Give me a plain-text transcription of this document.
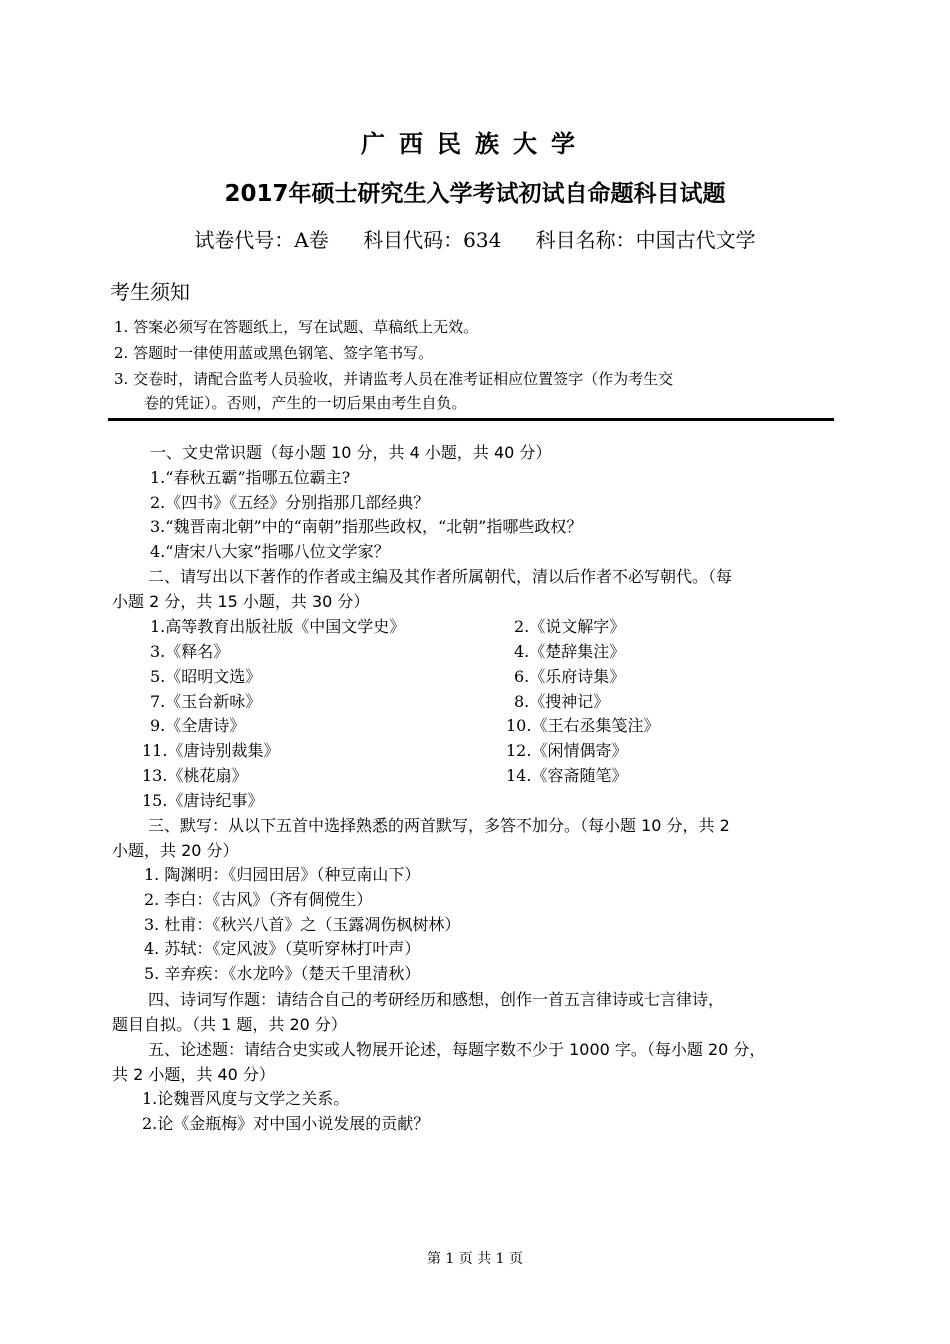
广西民族大学
2017年硕士研究生入学考试初试自命题科目试题
试卷代号：A卷 科目代码：634 科目名称：中国古代文学
考生须知
1. 答案必须写在答题纸上，写在试题、草稿纸上无效。
2. 答题时一律使用蓝或黑色钢笔、签字笔书写。
3. 交卷时，请配合监考人员验收，并请监考人员在准考证相应位置签字（作为考生交
卷的凭证）。否则，产生的一切后果由考生自负。
一、文史常识题（每小题 10 分，共 4 小题，共 40 分）
1.“春秋五霸”指哪五位霸主?
2.《四书》《五经》分别指那几部经典？
3.“魏晋南北朝”中的“南朝”指那些政权，“北朝”指哪些政权？
4.“唐宋八大家”指哪八位文学家？
二、请写出以下著作的作者或主编及其作者所属朝代，清以后作者不必写朝代。（每
小题 2 分，共 15 小题，共 30 分）
1.高等教育出版社版《中国文学史》
3.《释名》
5.《昭明文选》
7.《玉台新咏》
9.《全唐诗》
11.《唐诗别裁集》
13.《桃花扇》
15.《唐诗纪事》
2.《说文解字》
4.《楚辞集注》
6.《乐府诗集》
8.《搜神记》
10.《王右丞集笺注》
12.《闲情偶寄》
14.《容斋随笔》
三、默写：从以下五首中选择熟悉的两首默写，多答不加分。（每小题 10 分，共 2
小题，共 20 分）
1. 陶渊明：《归园田居》（种豆南山下）
2. 李白：《古风》（齐有倜傥生）
3. 杜甫：《秋兴八首》之（玉露凋伤枫树林）
4. 苏轼：《定风波》（莫听穿林打叶声）
5. 辛弃疾：《水龙吟》（楚天千里清秋）
四、诗词写作题：请结合自己的考研经历和感想，创作一首五言律诗或七言律诗，
题目自拟。（共 1 题，共 20 分）
五、论述题：请结合史实或人物展开论述，每题字数不少于 1000 字。（每小题 20 分，
共 2 小题，共 40 分）
1.论魏晋风度与文学之关系。
2.论《金瓶梅》对中国小说发展的贡献？
第 1 页 共 1 页
